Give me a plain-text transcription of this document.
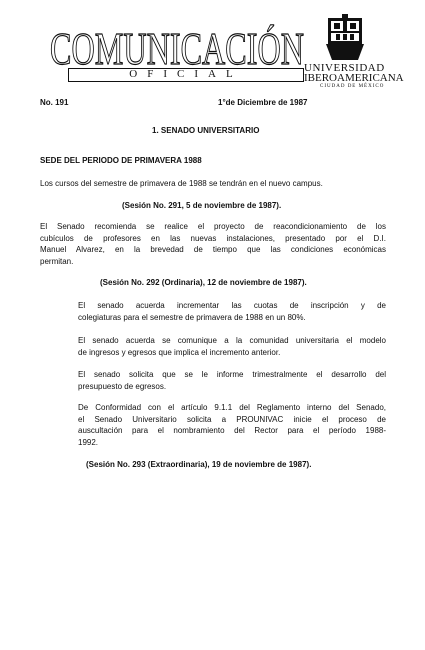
COMUNICACIÓN
OFICIAL	UNIVERSIDAD
IBEROAMERICANA
CIUDAD DE MÉXICO
No. 191	1°de Diciembre de 1987
1. SENADO UNIVERSITARIO
SEDE DEL PERIODO DE PRIMAVERA 1988
Los cursos del semestre de primavera de 1988 se tendrán en el nuevo campus.
(Sesión No. 291, 5 de noviembre de 1987).
El Senado recomienda se realice el proyecto de reacondicionamiento de los
cubículos de profesores en las nuevas instalaciones, presentado por el D.I.
Manuel Alvarez, en la brevedad de tiempo que las condiciones económicas
permitan.
(Sesión No. 292 (Ordinaria), 12 de noviembre de 1987).
El senado acuerda incrementar las cuotas de inscripción y de
colegiaturas para el semestre de primavera de 1988 en un 80%.
El senado acuerda se comunique a la comunidad universitaria el modelo
de ingresos y egresos que implica el incremento anterior.
El senado solicita que se le informe trimestralmente el desarrollo del
presupuesto de egresos.
De Conformidad con el artículo 9.1.1 del Reglamento interno del Senado,
el Senado Universitario solicita a PROUNIVAC inicie el proceso de
auscultación para el nombramiento del Rector para el período 1988-
1992.
(Sesión No. 293 (Extraordinaria), 19 de noviembre de 1987).
